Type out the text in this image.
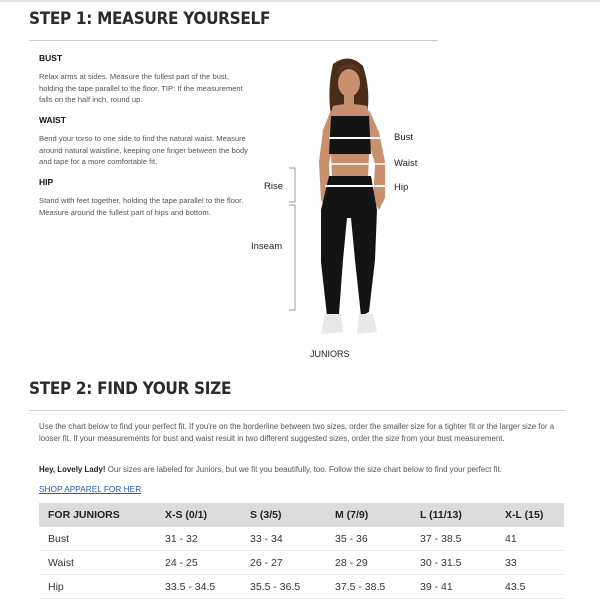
STEP 1: MEASURE YOURSELF
BUST
Relax arms at sides. Measure the fullest part of the bust, holding the tape parallel to the floor. TIP: If the measurement falls on the half inch, round up.
WAIST
Bend your torso to one side to find the natural waist. Measure around natural waistline, keeping one finger between the body and tape for a more comfortable fit.
HIP
Stand with feet together, holding the tape parallel to the floor. Measure around the fullest part of hips and bottom.
Bust
Waist
Hip
Rise
Inseam
JUNIORS
STEP 2: FIND YOUR SIZE
Use the chart below to find your perfect fit. If you're on the borderline between two sizes, order the smaller size for a tighter fit or the larger size for a looser fit. If your measurements for bust and waist result in two different suggested sizes, order the size from your bust measurement.
Hey, Lovely Lady! Our sizes are labeled for Juniors, but we fit you beautifully, too. Follow the size chart below to find your perfect fit.
SHOP APPAREL FOR HER
FOR JUNIORS	X-S (0/1)	S (3/5)	M (7/9)	L (11/13)	X-L (15)
Bust	31 - 32	33 - 34	35 - 36	37 - 38.5	41
Waist	24 - 25	26 - 27	28 - 29	30 - 31.5	33
Hip	33.5 - 34.5	35.5 - 36.5	37.5 - 38.5	39 - 41	43.5
